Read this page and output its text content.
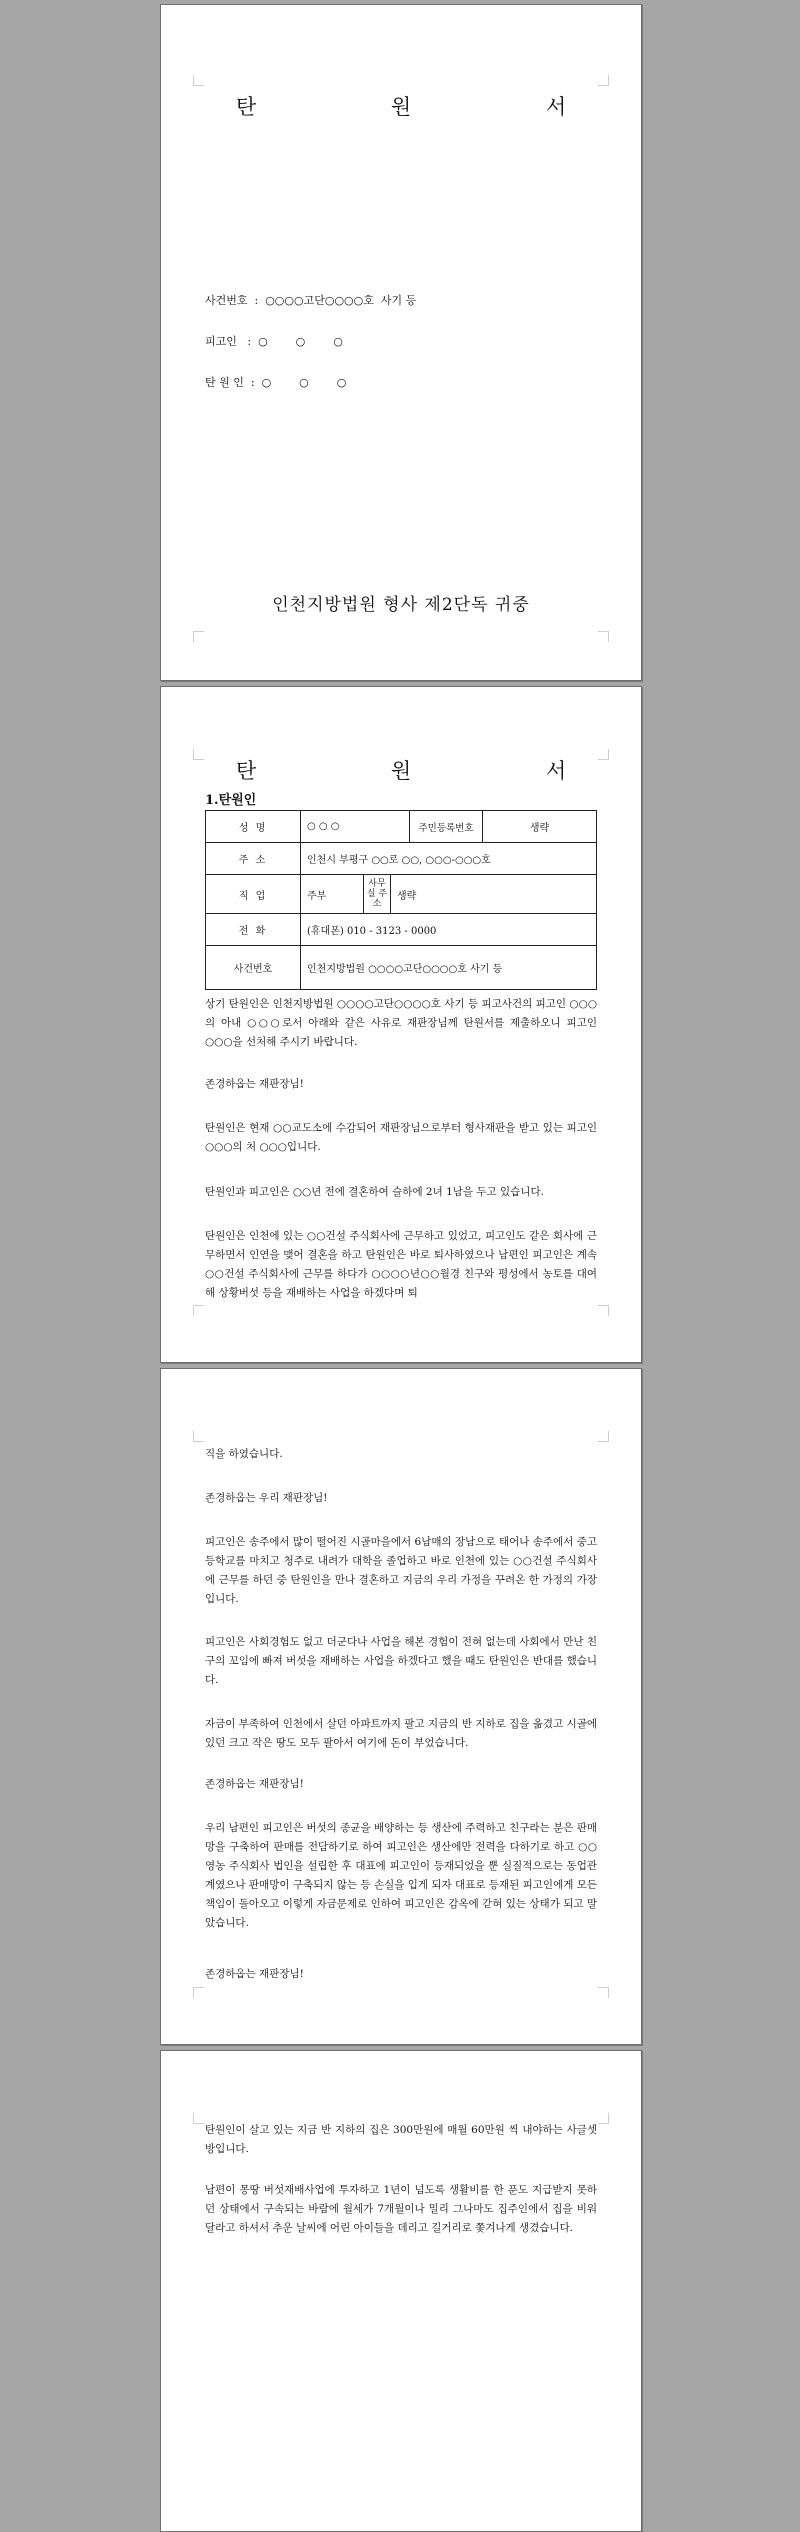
탄 원 서
사건번호  :  ○○○○고단○○○○호  사기 등
피고인   :  ○        ○        ○
탄 원 인  :  ○        ○        ○
인천지방법원 형사 제2단독 귀중
탄 원 서
1.탄원인
성 명	○ ○ ○	주민등록번호	생략
주 소	인천시 부평구 ○○로 ○○, ○○○-○○○호
직 업		주부	사무실 주 소	생략

전 화	(휴대폰) 010 - 3123 - 0000
사건번호	인천지방법원 ○○○○고단○○○○호 사기 등

상기 탄원인은 인천지방법원 ○○○○고단○○○○호 사기 등 피고사건의 피고인 ○○○의 아내 ○○○로서 아래와 같은 사유로 재판장님께 탄원서를 제출하오니 피고인 ○○○을 선처해 주시기 바랍니다.

존경하옵는 재판장님!

탄원인은 현재 ○○교도소에 수감되어 재판장님으로부터 형사재판을 받고 있는 피고인 ○○○의 처 ○○○입니다.

탄원인과 피고인은 ○○년 전에 결혼하여 슬하에 2녀 1남을 두고 있습니다.

탄원인은 인천에 있는 ○○건설 주식회사에 근무하고 있었고, 피고인도 같은 회사에 근무하면서 인연을 맺어 결혼을 하고 탄원인은 바로 퇴사하였으나 남편인 피고인은 계속 ○○건설 주식회사에 근무를 하다가 ○○○○년○○월경 친구와 평성에서 농토를 대여해 상황버섯 등을 재배하는 사업을 하겠다며 퇴

직을 하였습니다.

존경하옵는 우리 재판장님!

피고인은 송주에서 많이 떨어진 시골마을에서 6남매의 장남으로 태어나 송주에서 중고등학교를 마치고 청주로 내려가 대학을 졸업하고 바로 인천에 있는 ○○건설 주식회사에 근무를 하던 중 탄원인을 만나 결혼하고 지금의 우리 가정을 꾸려온 한 가정의 가장입니다.

피고인은 사회경험도 없고 더군다나 사업을 해본 경험이 전혀 없는데 사회에서 만난 친구의 꼬임에 빠져 버섯을 재배하는 사업을 하겠다고 했을 때도 탄원인은 반대를 했습니다.

자금이 부족하여 인천에서 살던 아파트까지 팔고 지금의 반 지하로 집을 옮겼고 시골에 있던 크고 작은 땅도 모두 팔아서 여기에 돈이 부었습니다.

존경하옵는 재판장님!

우리 남편인 피고인은 버섯의 종균을 배양하는 등 생산에 주력하고 친구라는 분은 판매망을 구축하여 판매를 전담하기로 하여 피고인은 생산에만 전력을 다하기로 하고 ○○영농 주식회사 법인을 설립한 후 대표에 피고인이 등재되었을 뿐 실질적으로는 동업관계였으나 판매망이 구축되지 않는 등 손실을 입게 되자 대표로 등재된 피고인에게 모든 책임이 돌아오고 이렇게 자금문제로 인하여 피고인은 감옥에 갇혀 있는 상태가 되고 말았습니다.

존경하옵는 재판장님!

탄원인이 살고 있는 지금 반 지하의 집은 300만원에 매월 60만원 씩 내야하는 사글셋방입니다.

남편이 몽땅 버섯재배사업에 투자하고 1년이 넘도록 생활비를 한 푼도 지급받지 못하던 상태에서 구속되는 바람에 월세가 7개월이나 밀리 그나마도 집주인에서 집을 비워달라고 하셔서 추운 날씨에 어린 아이들을 데리고 길거리로 쫓겨나게 생겼습니다.
